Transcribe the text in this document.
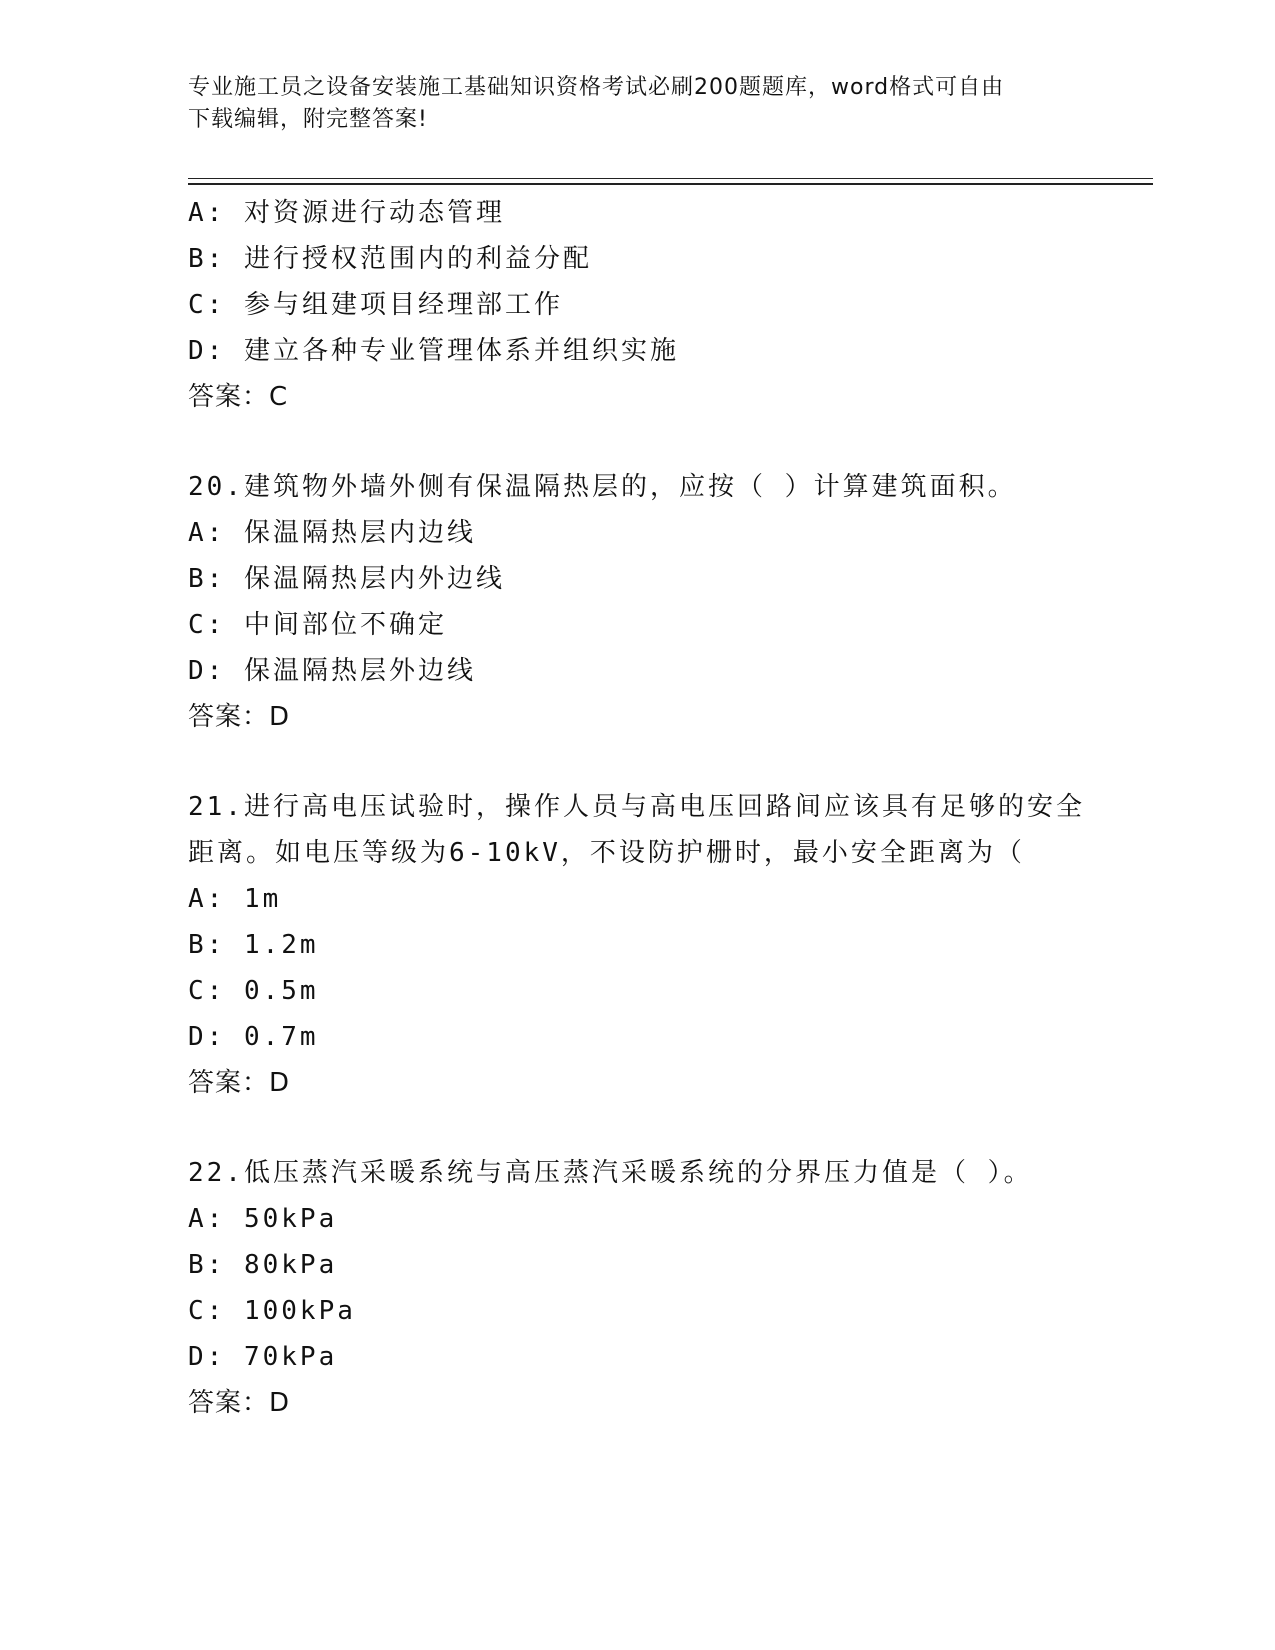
专业施工员之设备安装施工基础知识资格考试必刷200题题库，word格式可自由
下载编辑，附完整答案!
A: 对资源进行动态管理
B: 进行授权范围内的利益分配
C: 参与组建项目经理部工作
D: 建立各种专业管理体系并组织实施
答案：C
20.建筑物外墙外侧有保温隔热层的，应按（ ）计算建筑面积。
A: 保温隔热层内边线
B: 保温隔热层内外边线
C: 中间部位不确定
D: 保温隔热层外边线
答案：D
21.进行高电压试验时，操作人员与高电压回路间应该具有足够的安全
距离。如电压等级为6-10kV，不设防护栅时，最小安全距离为（
A: 1m
B: 1.2m
C: 0.5m
D: 0.7m
答案：D
22.低压蒸汽采暖系统与高压蒸汽采暖系统的分界压力值是（ ）。
A: 50kPa
B: 80kPa
C: 100kPa
D: 70kPa
答案：D
